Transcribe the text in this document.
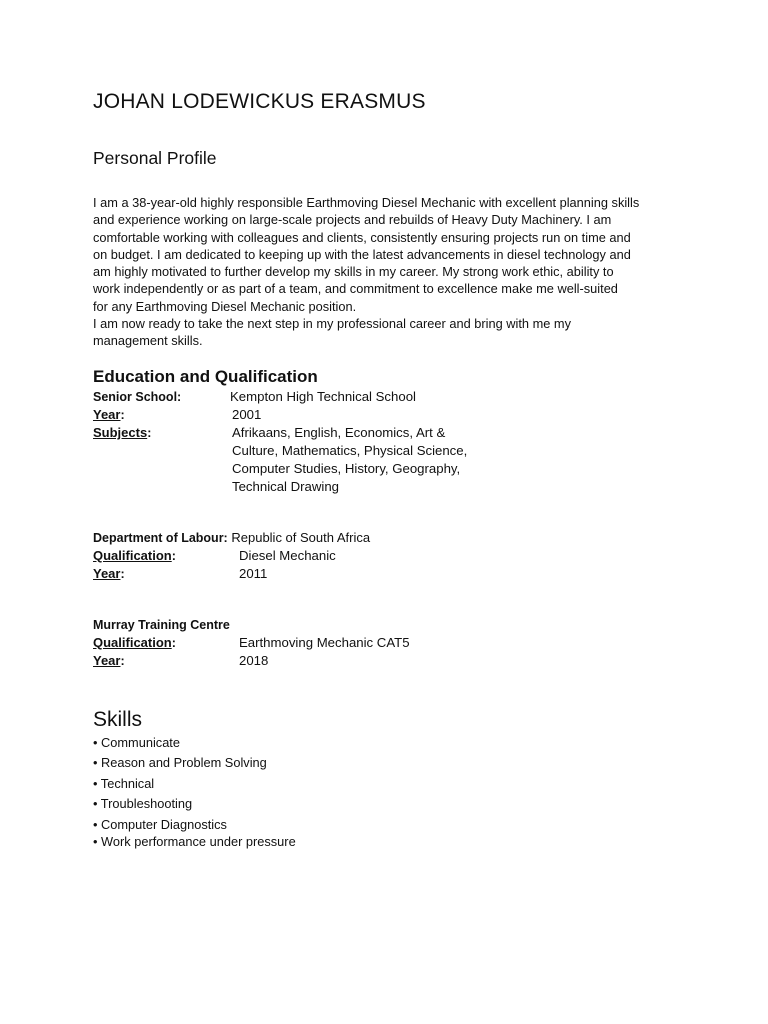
JOHAN LODEWICKUS ERASMUS
Personal Profile

I am a 38-year-old highly responsible Earthmoving Diesel Mechanic with excellent planning skills

and experience working on large-scale projects and rebuilds of Heavy Duty Machinery. I am

comfortable working with colleagues and clients, consistently ensuring projects run on time and

on budget. I am dedicated to keeping up with the latest advancements in diesel technology and

am highly motivated to further develop my skills in my career. My strong work ethic, ability to

work independently or as part of a team, and commitment to excellence make me well-suited

for any Earthmoving Diesel Mechanic position.

I am now ready to take the next step in my professional career and bring with me my

management skills.

Education and Qualification
Senior School:	Kempton High Technical School
Year:	2001
Subjects:	Afrikaans, English, Economics, Art &
Culture, Mathematics, Physical Science,
Computer Studies, History, Geography,
Technical Drawing
Department of Labour: Republic of South Africa
Qualification:	Diesel Mechanic
Year:	2011
Murray Training Centre
Qualification:	Earthmoving Mechanic CAT5
Year:	2018
Skills
• Communicate
• Reason and Problem Solving
• Technical
• Troubleshooting
• Computer Diagnostics
• Work performance under pressure
